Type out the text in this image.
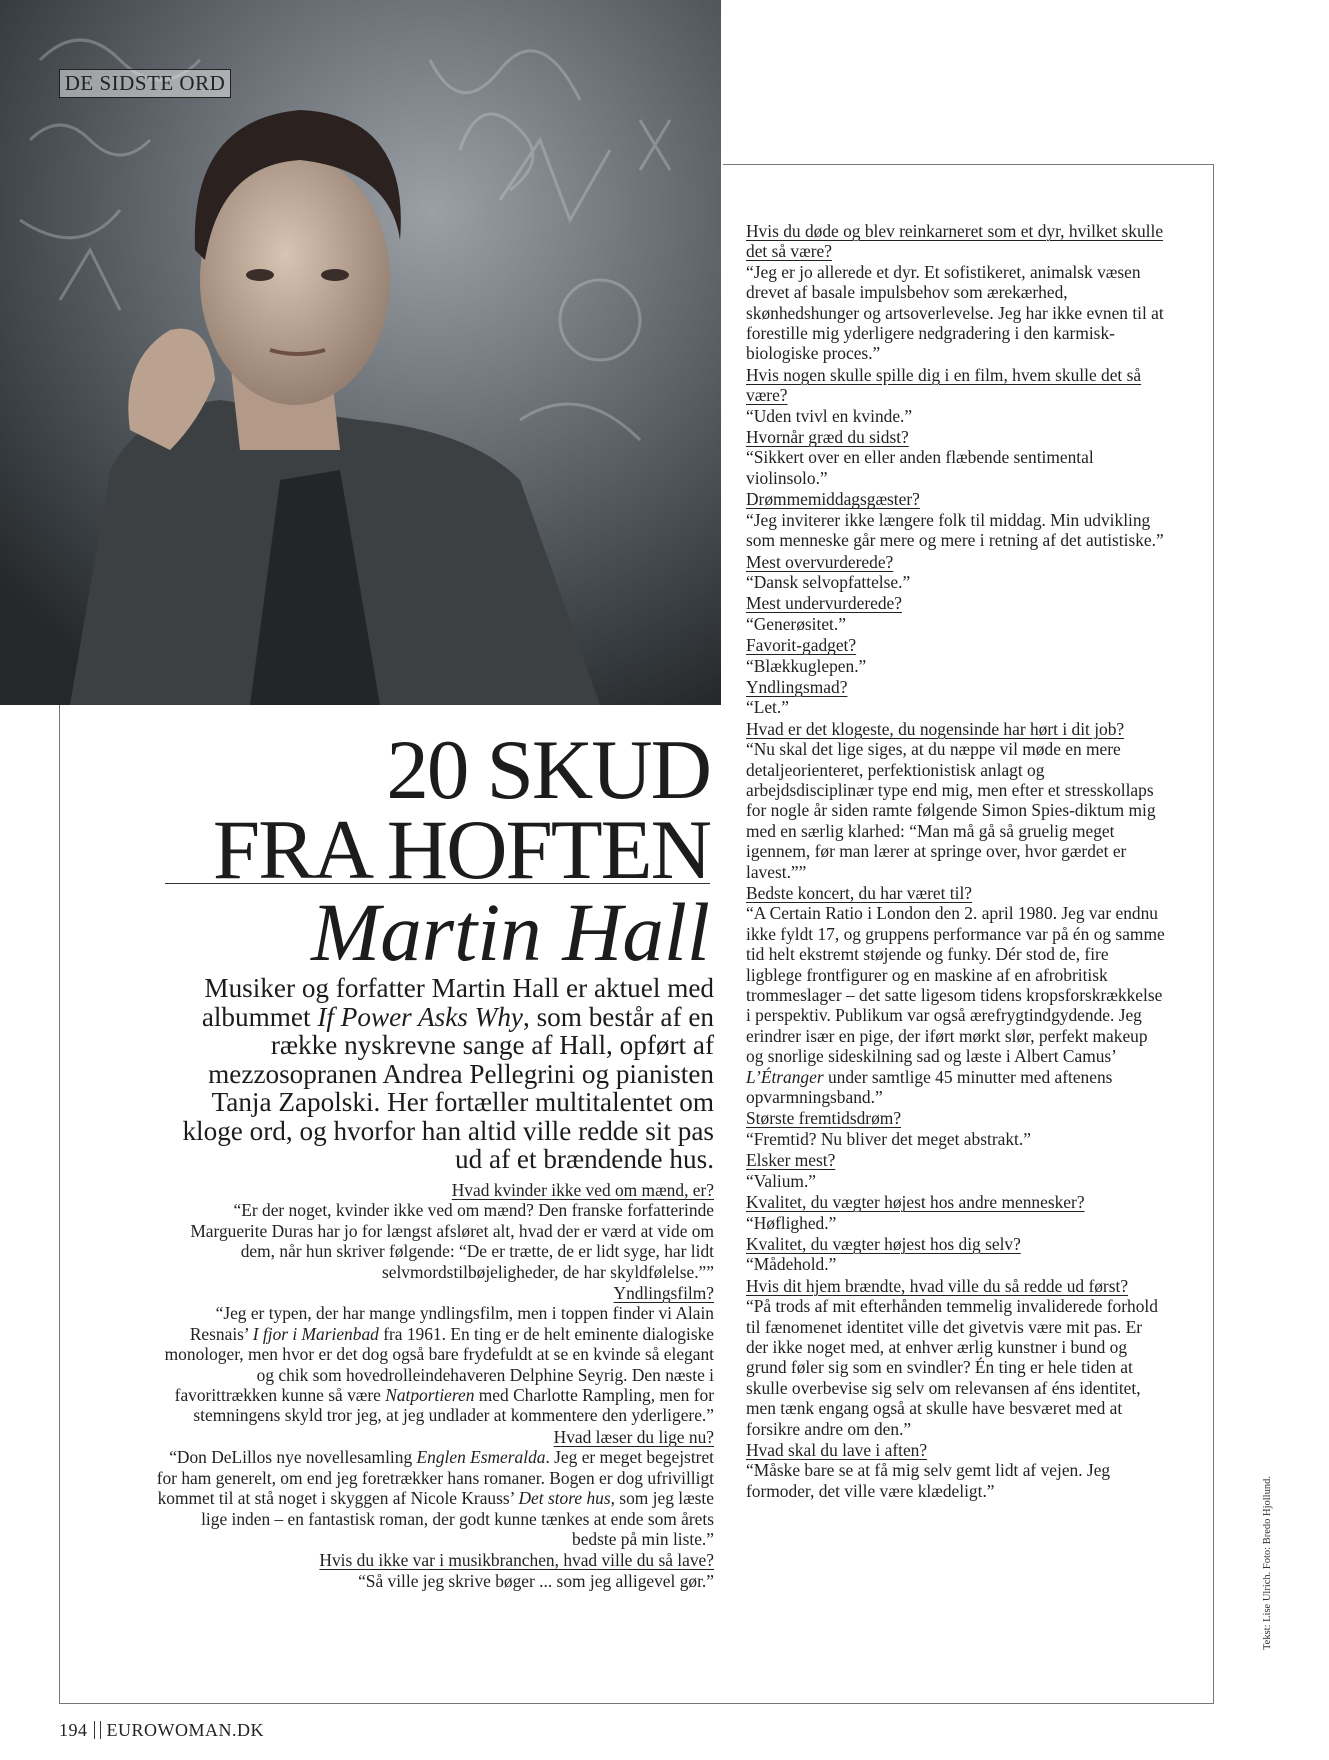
DE SIDSTE ORD
20 SKUD
FRA HOFTEN
Martin Hall
Musiker og forfatter Martin Hall er aktuel med albummet If Power Asks Why, som består af en række nyskrevne sange af Hall, opført af mezzosopranen Andrea Pellegrini og pianisten Tanja Zapolski. Her fortæller multitalentet om kloge ord, og hvorfor han altid ville redde sit pas ud af et brændende hus.

Hvad kvinder ikke ved om mænd, er?

“Er der noget, kvinder ikke ved om mænd? Den franske forfatterinde Marguerite Duras har jo for længst afsløret alt, hvad der er værd at vide om dem, når hun skriver følgende: “De er trætte, de er lidt syge, har lidt selvmordstilbøjeligheder, de har skyldfølelse.””

Yndlingsfilm?

“Jeg er typen, der har mange yndlingsfilm, men i toppen finder vi Alain Resnais’ I fjor i Marienbad fra 1961. En ting er de helt eminente dialogiske monologer, men hvor er det dog også bare frydefuldt at se en kvinde så elegant og chik som hovedrolleindehaveren Delphine Seyrig. Den næste i favorittrækken kunne så være Natportieren med Charlotte Rampling, men for stemningens skyld tror jeg, at jeg undlader at kommentere den yderligere.”

Hvad læser du lige nu?

“Don DeLillos nye novellesamling Englen Esmeralda. Jeg er meget begejstret for ham generelt, om end jeg foretrækker hans romaner. Bogen er dog ufrivilligt kommet til at stå noget i skyggen af Nicole Krauss’ Det store hus, som jeg læste lige inden – en fantastisk roman, der godt kunne tænkes at ende som årets bedste på min liste.”

Hvis du ikke var i musikbranchen, hvad ville du så lave?

“Så ville jeg skrive bøger ... som jeg alligevel gør.”

Hvis du døde og blev reinkarneret som et dyr, hvilket skulle det så være?

“Jeg er jo allerede et dyr. Et sofistikeret, animalsk væsen drevet af basale impulsbehov som ærekærhed, skønhedshunger og artsoverlevelse. Jeg har ikke evnen til at forestille mig yderligere nedgradering i den karmisk-biologiske proces.”

Hvis nogen skulle spille dig i en film, hvem skulle det så være?

“Uden tvivl en kvinde.”

Hvornår græd du sidst?

“Sikkert over en eller anden flæbende sentimental violinsolo.”

Drømmemiddagsgæster?

“Jeg inviterer ikke længere folk til middag. Min udvikling som menneske går mere og mere i retning af det autistiske.”

Mest overvurderede?

“Dansk selvopfattelse.”

Mest undervurderede?

“Generøsitet.”

Favorit-gadget?

“Blækkuglepen.”

Yndlingsmad?

“Let.”

Hvad er det klogeste, du nogensinde har hørt i dit job?

“Nu skal det lige siges, at du næppe vil møde en mere detaljeorienteret, perfektionistisk anlagt og arbejdsdisciplinær type end mig, men efter et stresskollaps for nogle år siden ramte følgende Simon Spies-diktum mig med en særlig klarhed: “Man må gå så gruelig meget igennem, før man lærer at springe over, hvor gærdet er lavest.””

Bedste koncert, du har været til?

“A Certain Ratio i London den 2. april 1980. Jeg var endnu ikke fyldt 17, og gruppens performance var på én og samme tid helt ekstremt støjende og funky. Dér stod de, fire ligblege frontfigurer og en maskine af en afrobritisk trommeslager – det satte ligesom tidens kropsforskrækkelse i perspektiv. Publikum var også ærefrygtindgydende. Jeg erindrer især en pige, der iført mørkt slør, perfekt makeup og snorlige sideskilning sad og læste i Albert Camus’ L’Étranger under samtlige 45 minutter med aftenens opvarmningsband.”

Største fremtidsdrøm?

“Fremtid? Nu bliver det meget abstrakt.”

Elsker mest?

“Valium.”

Kvalitet, du vægter højest hos andre mennesker?

“Høflighed.”

Kvalitet, du vægter højest hos dig selv?

“Mådehold.”

Hvis dit hjem brændte, hvad ville du så redde ud først?

“På trods af mit efterhånden temmelig invaliderede forhold til fænomenet identitet ville det givetvis være mit pas. Er der ikke noget med, at enhver ærlig kunstner i bund og grund føler sig som en svindler? Én ting er hele tiden at skulle overbevise sig selv om relevansen af éns identitet, men tænk engang også at skulle have besværet med at forsikre andre om den.”

Hvad skal du lave i aften?

“Måske bare se at få mig selv gemt lidt af vejen. Jeg formoder, det ville være klædeligt.”

194 EUROWOMAN.DK
Tekst: Lise Ulrich. Foto: Bredo Hjollund.
